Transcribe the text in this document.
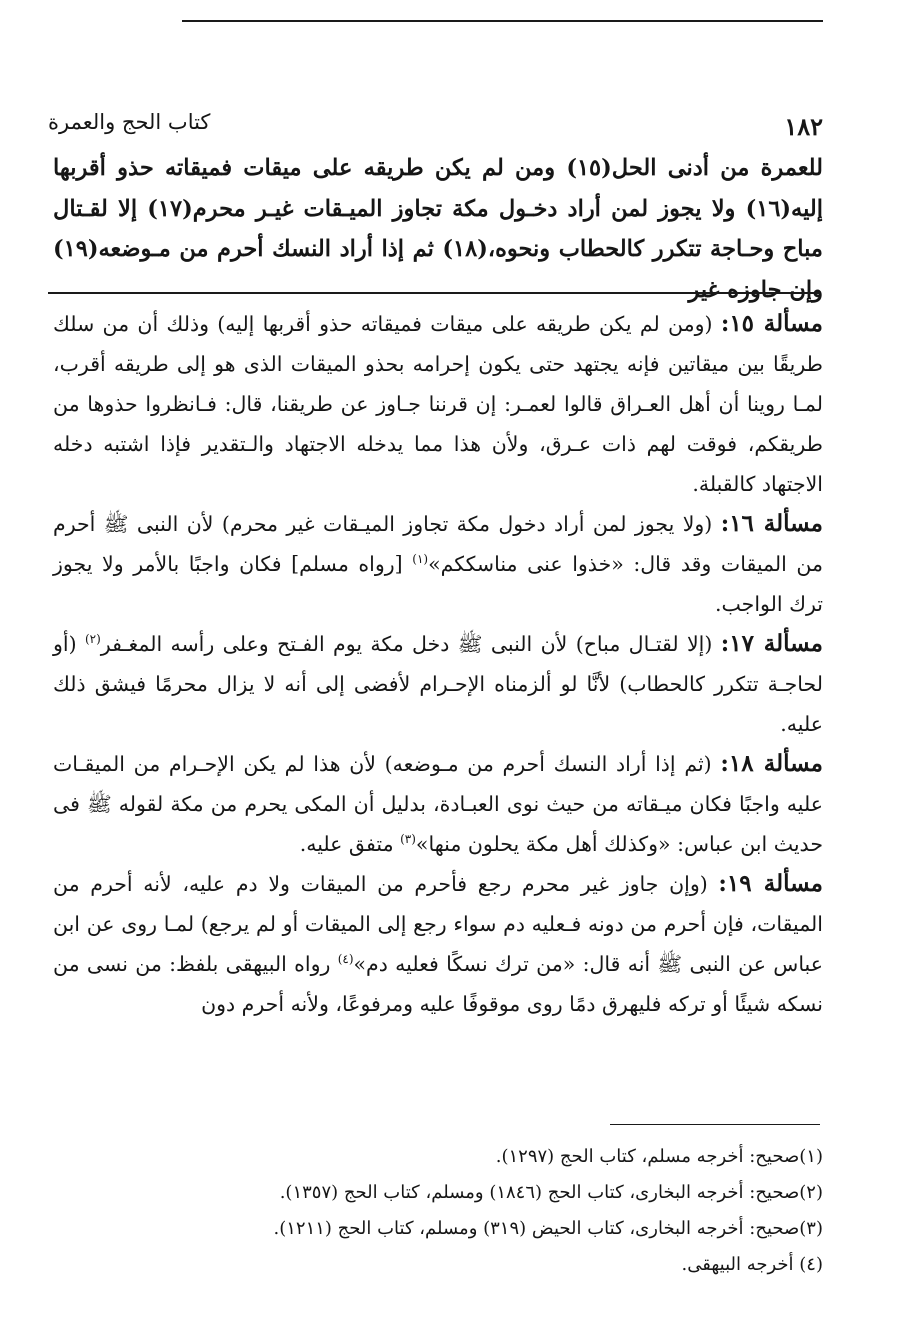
١٨٢
كتاب الحج والعمرة

للعمرة من أدنى الحل(١٥) ومن لم يكن طريقه على ميقات فميقاته حذو أقربها إليه(١٦) ولا يجوز لمن أراد دخـول مكة تجاوز الميـقات غيـر محرم(١٧) إلا لقـتال مباح وحـاجة تتكرر كالحطاب ونحوه،(١٨) ثم إذا أراد النسك أحرم من مـوضعه(١٩) وإن جاوزه غير

مسألة ١٥: (ومن لم يكن طريقه على ميقات فميقاته حذو أقربها إليه) وذلك أن من سلك طريقًا بين ميقاتين فإنه يجتهد حتى يكون إحرامه بحذو الميقات الذى هو إلى طريقه أقرب، لمـا روينا أن أهل العـراق قالوا لعمـر: إن قرننا جـاوز عن طريقنا، قال: فـانظروا حذوها من طريقكم، فوقت لهم ذات عـرق، ولأن هذا مما يدخله الاجتهاد والـتقدير فإذا اشتبه دخله الاجتهاد كالقبلة.

مسألة ١٦: (ولا يجوز لمن أراد دخول مكة تجاوز الميـقات غير محرم) لأن النبى ﷺ أحرم من الميقات وقد قال: «خذوا عنى مناسككم»$^{(١)}$ [رواه مسلم] فكان واجبًا بالأمر ولا يجوز ترك الواجب.

مسألة ١٧: (إلا لقتـال مباح) لأن النبى ﷺ دخل مكة يوم الفـتح وعلى رأسه المغـفر$^{(٢)}$ (أو لحاجـة تتكرر كالحطاب) لأنَّا لو ألزمناه الإحـرام لأفضى إلى أنه لا يزال محرمًا فيشق ذلك عليه.

مسألة ١٨: (ثم إذا أراد النسك أحرم من مـوضعه) لأن هذا لم يكن الإحـرام من الميقـات عليه واجبًا فكان ميـقاته من حيث نوى العبـادة، بدليل أن المكى يحرم من مكة لقوله ﷺ فى حديث ابن عباس: «وكذلك أهل مكة يحلون منها»$^{(٣)}$ متفق عليه.

مسألة ١٩: (وإن جاوز غير محرم رجع فأحرم من الميقات ولا دم عليه، لأنه أحرم من الميقات، فإن أحرم من دونه فـعليه دم سواء رجع إلى الميقات أو لم يرجع) لمـا روى عن ابن عباس عن النبى ﷺ أنه قال: «من ترك نسكًا فعليه دم»$^{(٤)}$ رواه البيهقى بلفظ: من نسى من نسكه شيئًا أو تركه فليهرق دمًا روى موقوفًا عليه ومرفوعًا، ولأنه أحرم دون

(١)صحيح: أخرجه مسلم، كتاب الحج (١٢٩٧).

(٢)صحيح: أخرجه البخارى، كتاب الحج (١٨٤٦) ومسلم، كتاب الحج (١٣٥٧).

(٣)صحيح: أخرجه البخارى، كتاب الحيض (٣١٩) ومسلم، كتاب الحج (١٢١١).

(٤) أخرجه البيهقى.
